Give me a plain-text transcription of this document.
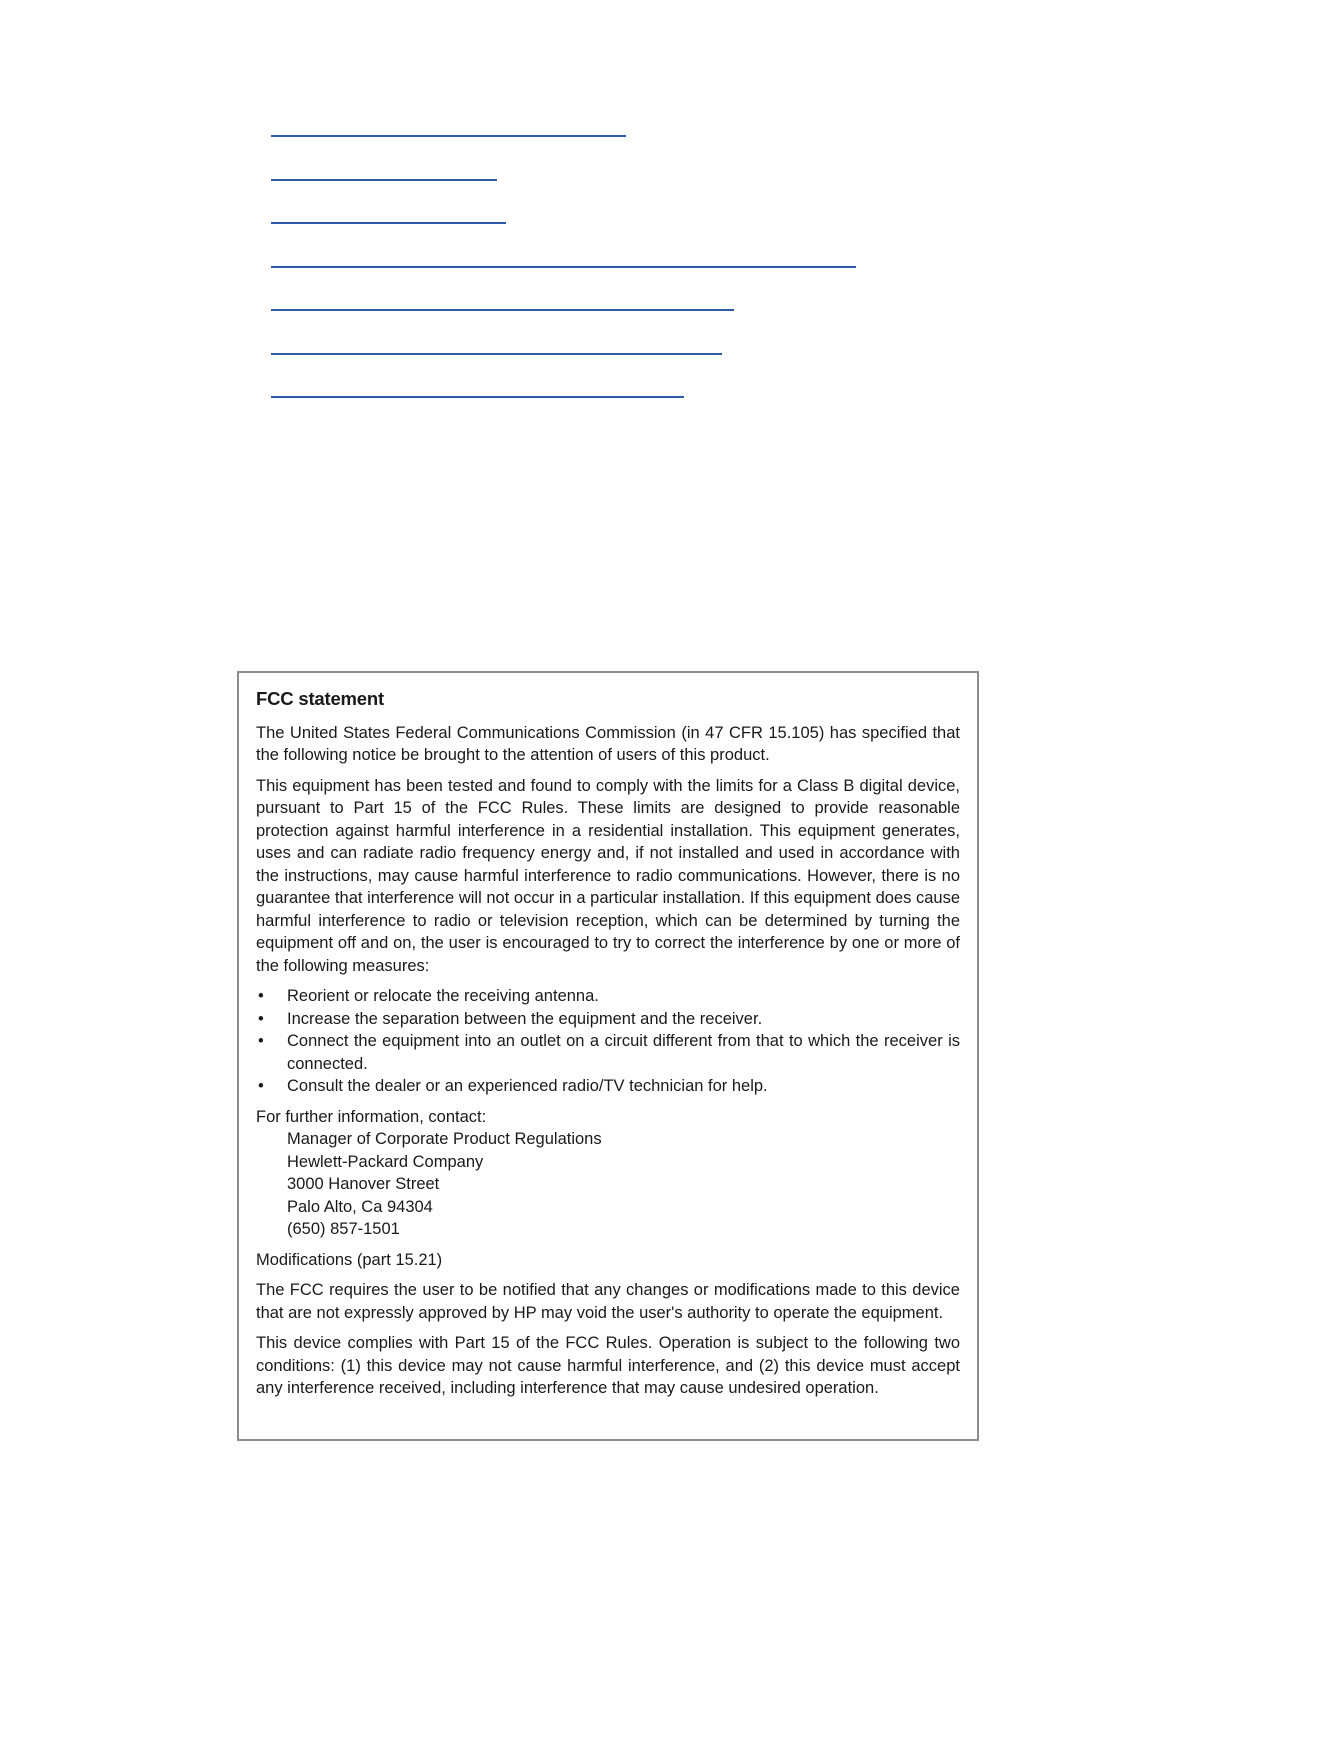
FCC statement

The United States Federal Communications Commission (in 47 CFR 15.105) has specified that the following notice be brought to the attention of users of this product.

This equipment has been tested and found to comply with the limits for a Class B digital device, pursuant to Part 15 of the FCC Rules. These limits are designed to provide reasonable protection against harmful interference in a residential installation. This equipment generates, uses and can radiate radio frequency energy and, if not installed and used in accordance with the instructions, may cause harmful interference to radio communications. However, there is no guarantee that interference will not occur in a particular installation. If this equipment does cause harmful interference to radio or television reception, which can be determined by turning the equipment off and on, the user is encouraged to try to correct the interference by one or more of the following measures:

• Reorient or relocate the receiving antenna.
• Increase the separation between the equipment and the receiver.
• Connect the equipment into an outlet on a circuit different from that to which the receiver is connected.
• Consult the dealer or an experienced radio/TV technician for help.
For further information, contact:
Manager of Corporate Product Regulations
Hewlett-Packard Company
3000 Hanover Street
Palo Alto, Ca 94304
(650) 857-1501

Modifications (part 15.21)

The FCC requires the user to be notified that any changes or modifications made to this device that are not expressly approved by HP may void the user's authority to operate the equipment.

This device complies with Part 15 of the FCC Rules. Operation is subject to the following two conditions: (1) this device may not cause harmful interference, and (2) this device must accept any interference received, including interference that may cause undesired operation.
